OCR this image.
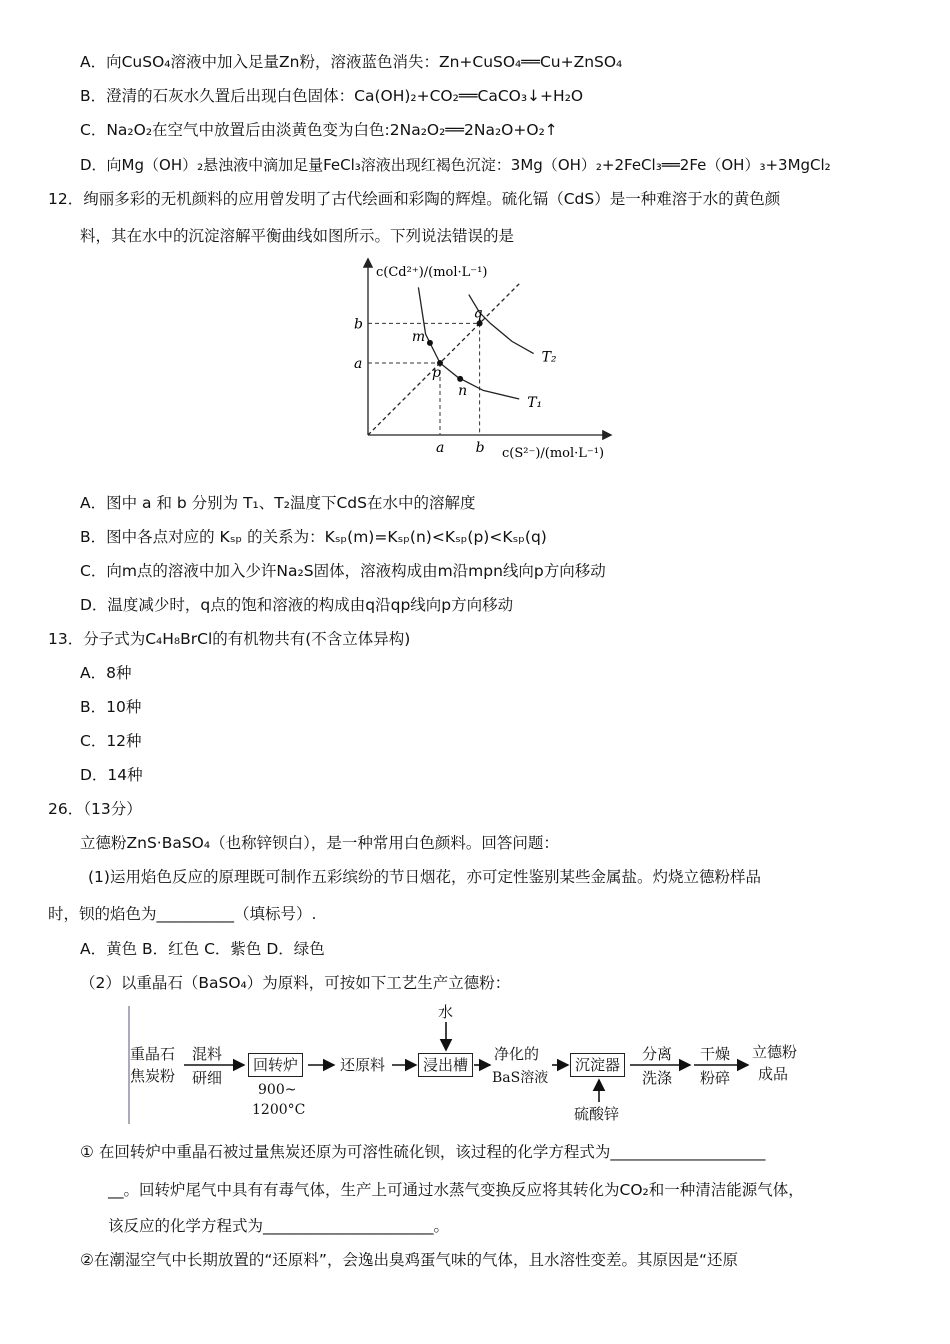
A．向CuSO₄溶液中加入足量Zn粉，溶液蓝色消失：Zn+CuSO₄══Cu+ZnSO₄
B．澄清的石灰水久置后出现白色固体：Ca(OH)₂+CO₂══CaCO₃↓+H₂O
C．Na₂O₂在空气中放置后由淡黄色变为白色:2Na₂O₂══2Na₂O+O₂↑
D．向Mg（OH）₂悬浊液中滴加足量FeCl₃溶液出现红褐色沉淀：3Mg（OH）₂+2FeCl₃══2Fe（OH）₃+3MgCl₂
12．绚丽多彩的无机颜料的应用曾发明了古代绘画和彩陶的辉煌。硫化镉（CdS）是一种难溶于水的黄色颜
料，其在水中的沉淀溶解平衡曲线如图所示。下列说法错误的是
c(Cd²⁺)/(mol·L⁻¹)
c(S²⁻)/(mol·L⁻¹)
a
a
b
b
T₁
T₂
m
p
n
q
A．图中 a 和 b 分别为 T₁、T₂温度下CdS在水中的溶解度
B．图中各点对应的 Kₛₚ 的关系为：Kₛₚ(m)=Kₛₚ(n)<Kₛₚ(p)<Kₛₚ(q)
C．向m点的溶液中加入少许Na₂S固体，溶液构成由m沿mpn线向p方向移动
D．温度减少时，q点的饱和溶液的构成由q沿qp线向p方向移动
13．分子式为C₄H₈BrCl的有机物共有(不含立体异构)
A．8种
B．10种
C．12种
D．14种
26．（13分）
立德粉ZnS·BaSO₄（也称锌钡白），是一种常用白色颜料。回答问题：
(1)运用焰色反应的原理既可制作五彩缤纷的节日烟花，亦可定性鉴别某些金属盐。灼烧立德粉样品
时，钡的焰色为__________（填标号）.
A．黄色 B．红色 C．紫色 D．绿色
（2）以重晶石（BaSO₄）为原料，可按如下工艺生产立德粉：
重晶石
焦炭粉
混料
研细
回转炉
900~
1200°C
还原料
水
浸出槽
净化的
BaS溶液
沉淀器
硫酸锌
分离
洗涤
干燥
粉碎
立德粉
成品
① 在回转炉中重晶石被过量焦炭还原为可溶性硫化钡，该过程的化学方程式为____________________
__。回转炉尾气中具有有毒气体，生产上可通过水蒸气变换反应将其转化为CO₂和一种清洁能源气体，
该反应的化学方程式为______________________。
②在潮湿空气中长期放置的“还原料”，会逸出臭鸡蛋气味的气体，且水溶性变差。其原因是“还原
